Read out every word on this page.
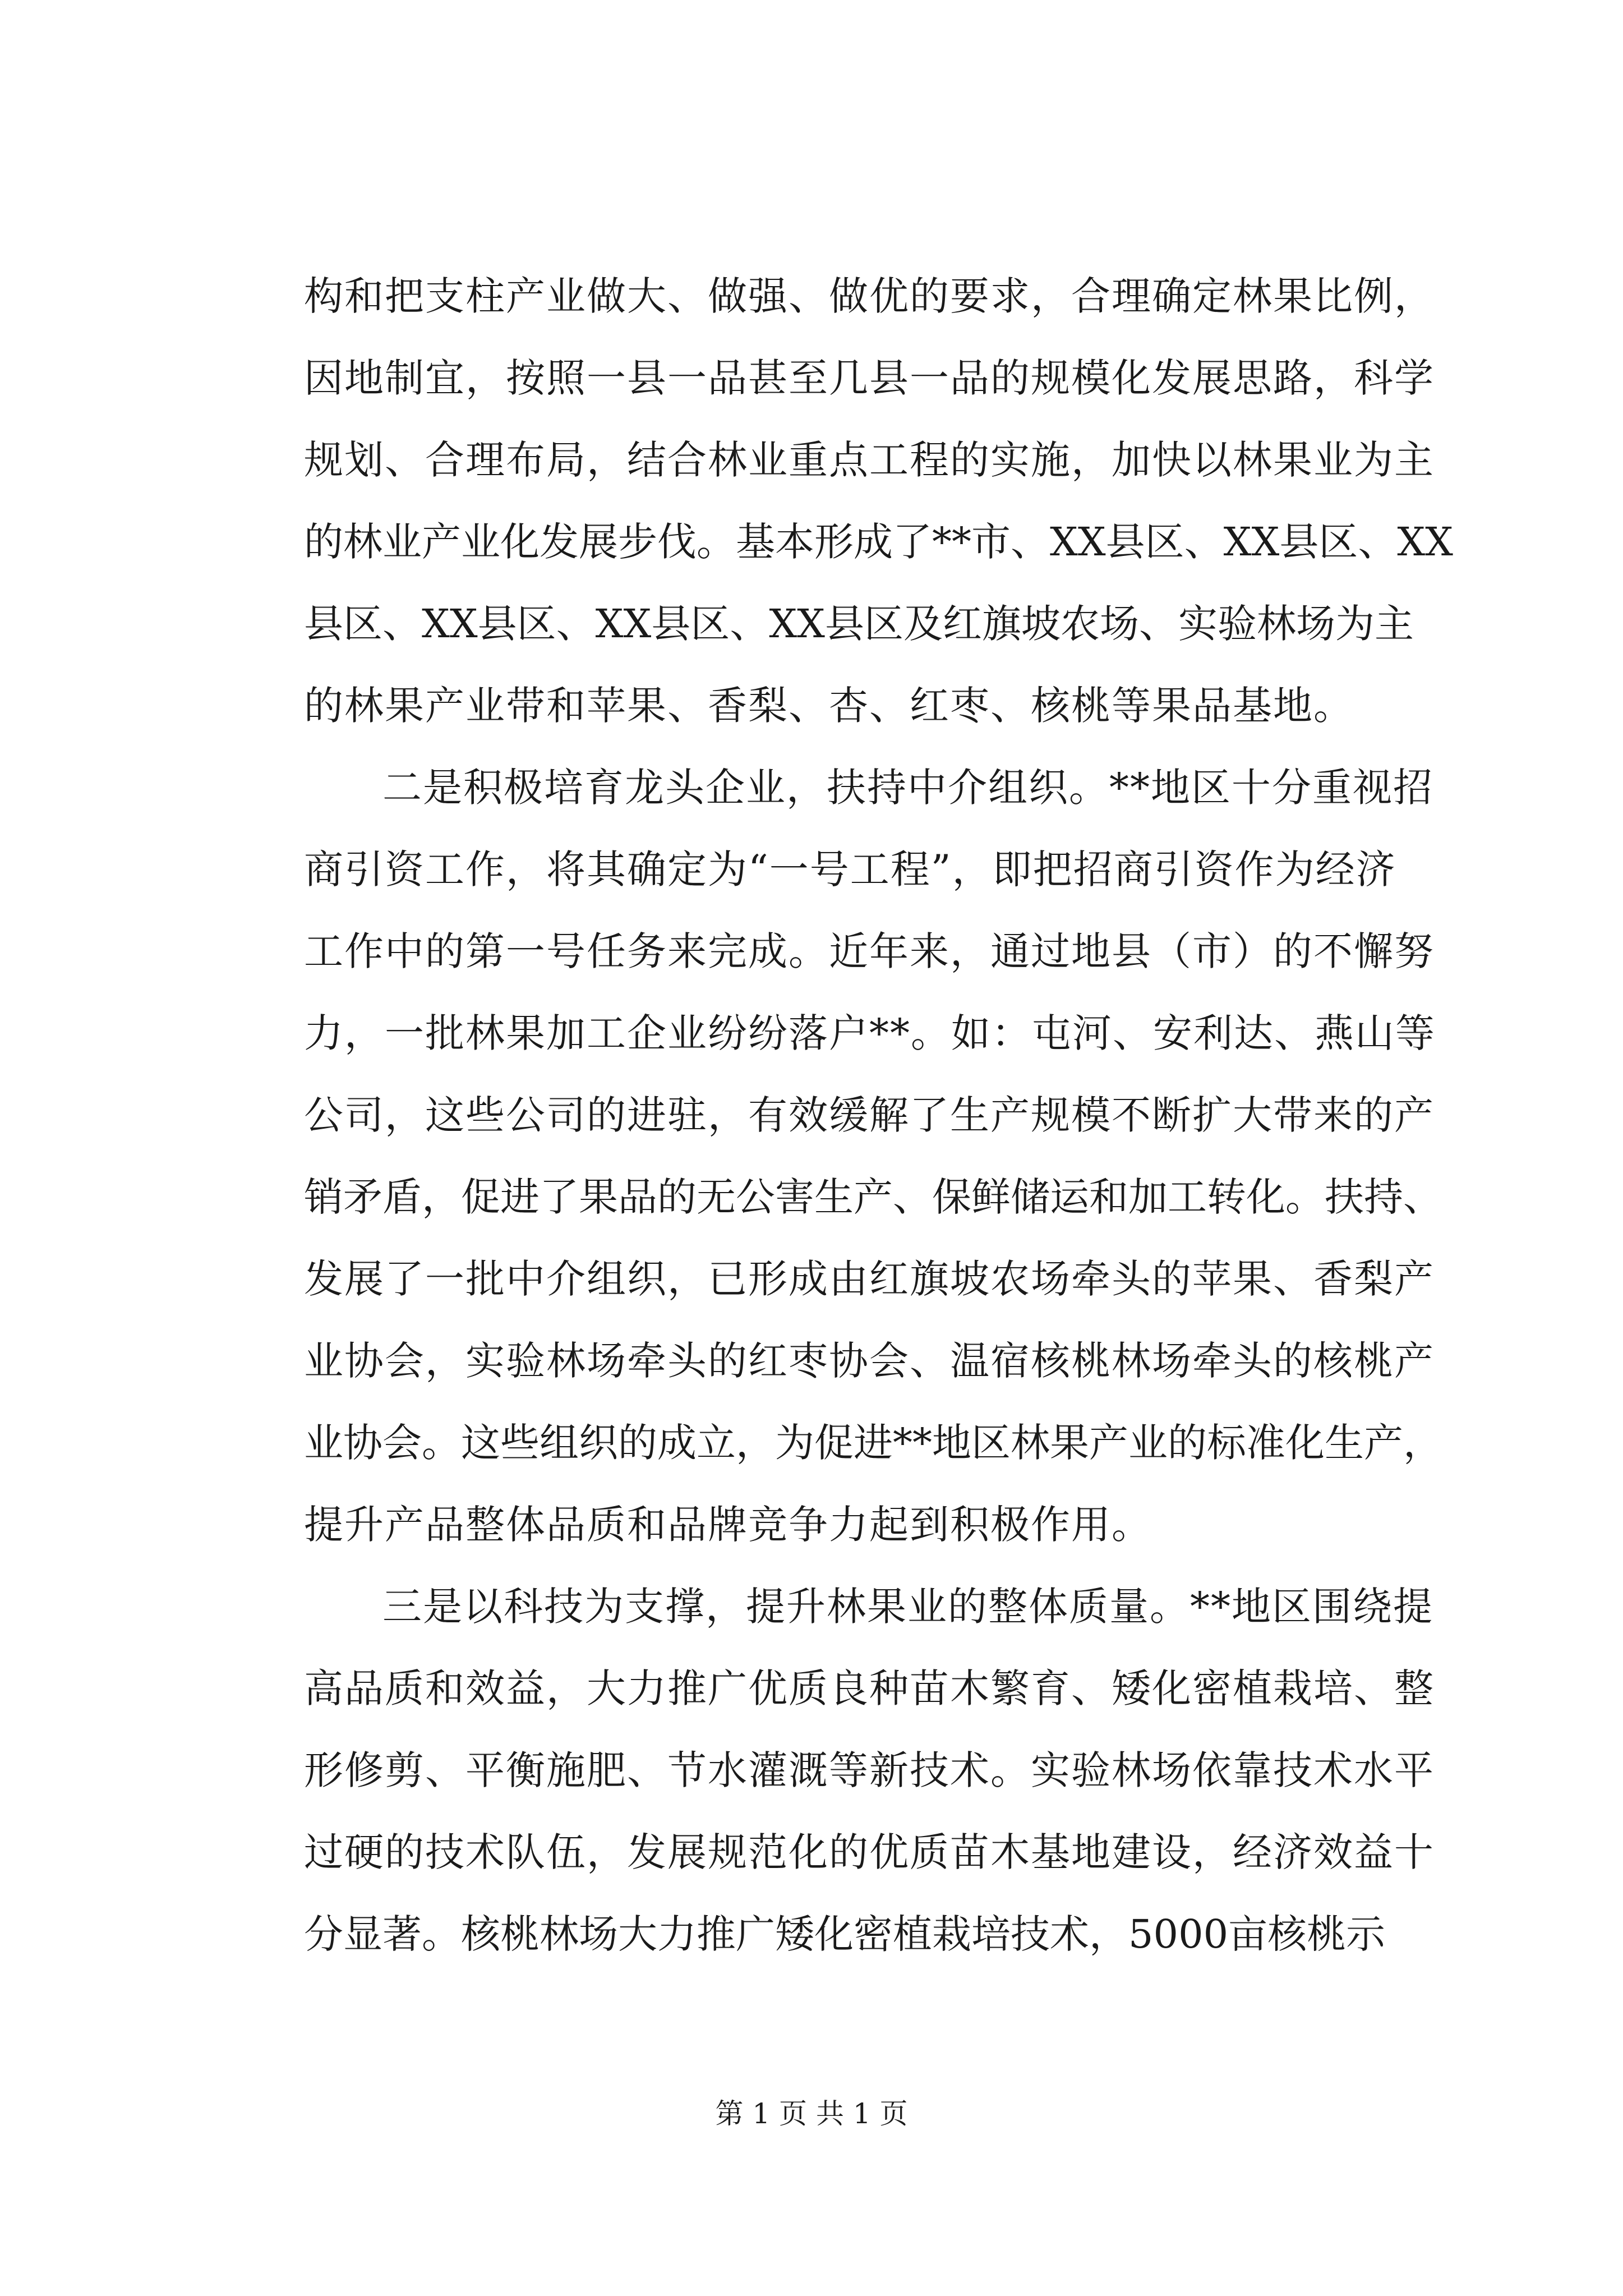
构和把支柱产业做大、做强、做优的要求，合理确定林果比例，
因地制宜，按照一县一品甚至几县一品的规模化发展思路，科学
规划、合理布局，结合林业重点工程的实施，加快以林果业为主
的林业产业化发展步伐。基本形成了**市、XX县区、XX县区、XX
县区、XX县区、XX县区、XX县区及红旗坡农场、实验林场为主
的林果产业带和苹果、香梨、杏、红枣、核桃等果品基地。
二是积极培育龙头企业，扶持中介组织。**地区十分重视招
商引资工作，将其确定为“一号工程”，即把招商引资作为经济
工作中的第一号任务来完成。近年来，通过地县（市）的不懈努
力，一批林果加工企业纷纷落户**。如：屯河、安利达、燕山等
公司，这些公司的进驻，有效缓解了生产规模不断扩大带来的产
销矛盾，促进了果品的无公害生产、保鲜储运和加工转化。扶持、
发展了一批中介组织，已形成由红旗坡农场牵头的苹果、香梨产
业协会，实验林场牵头的红枣协会、温宿核桃林场牵头的核桃产
业协会。这些组织的成立，为促进**地区林果产业的标准化生产，
提升产品整体品质和品牌竞争力起到积极作用。
三是以科技为支撑，提升林果业的整体质量。**地区围绕提
高品质和效益，大力推广优质良种苗木繁育、矮化密植栽培、整
形修剪、平衡施肥、节水灌溉等新技术。实验林场依靠技术水平
过硬的技术队伍，发展规范化的优质苗木基地建设，经济效益十
分显著。核桃林场大力推广矮化密植栽培技术，5000亩核桃示
第 1 页 共 1 页
